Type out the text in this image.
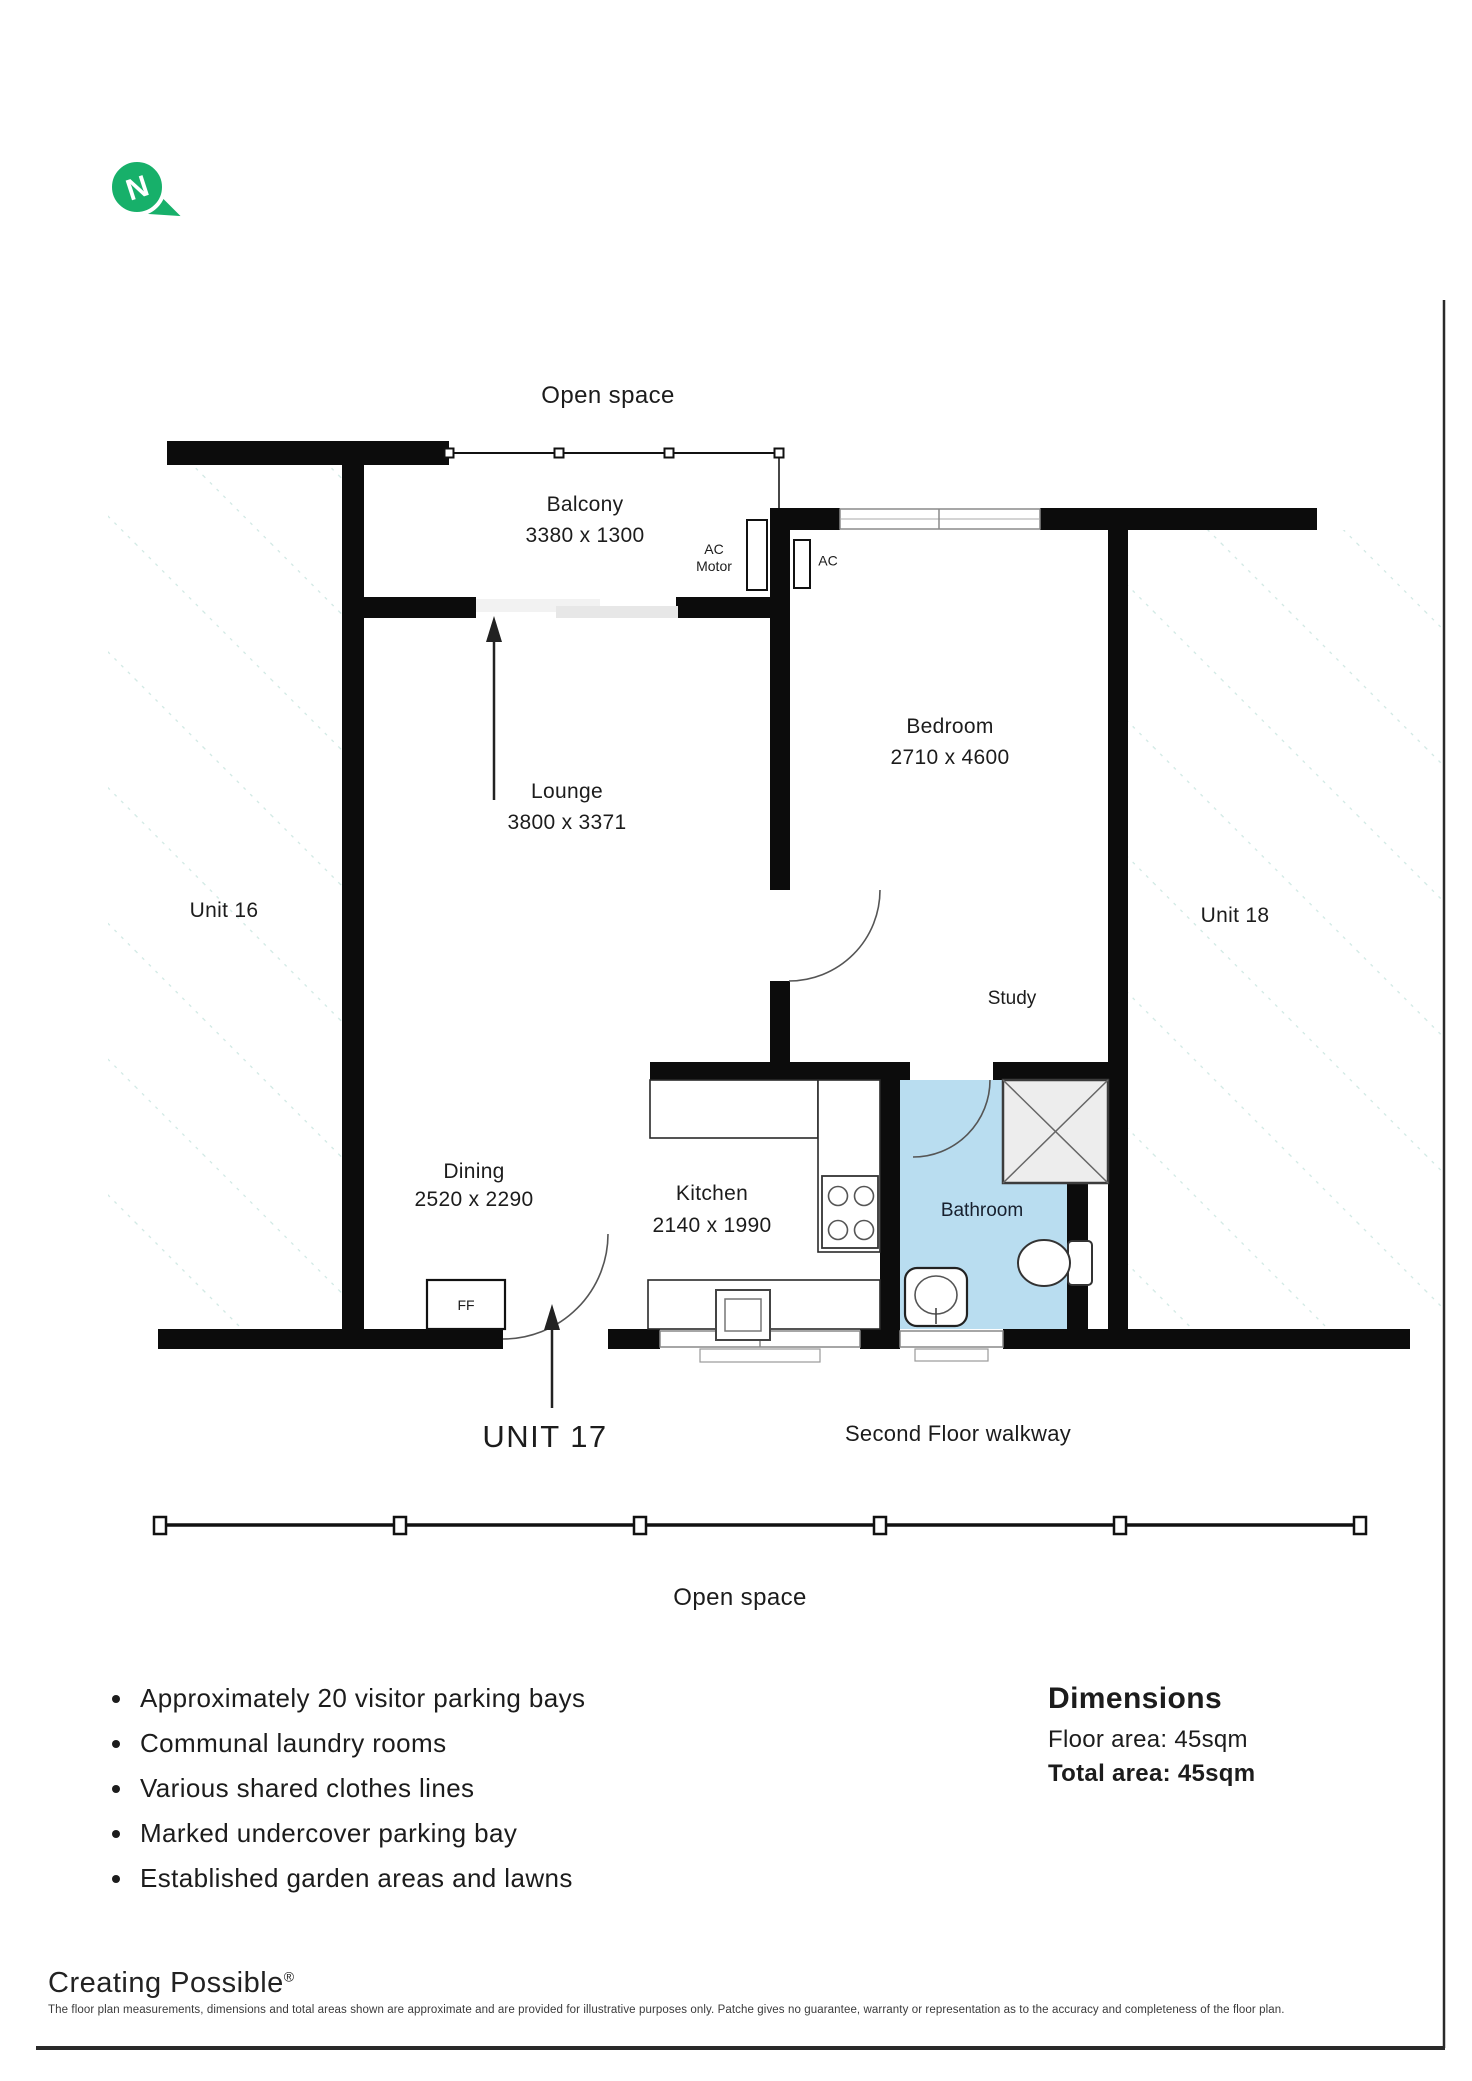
N
Open space
Balcony
3380 x 1300
AC
Motor	AC
Bedroom
2710 x 4600
Lounge
3800 x 3371
Unit 16	Unit 18
Study
Dining
2520 x 2290	Kitchen
2140 x 1990
Bathroom
FF
UNIT 17	Second Floor walkway
Open space
Approximately 20 visitor parking bays
Communal laundry rooms
Various shared clothes lines
Marked undercover parking bay
Established garden areas and lawns
Dimensions
Floor area: 45sqm
Total area: 45sqm
Creating Possible®
The floor plan measurements, dimensions and total areas shown are approximate and are provided for illustrative purposes only. Patche gives no guarantee, warranty or representation as to the accuracy and completeness of the floor plan.
